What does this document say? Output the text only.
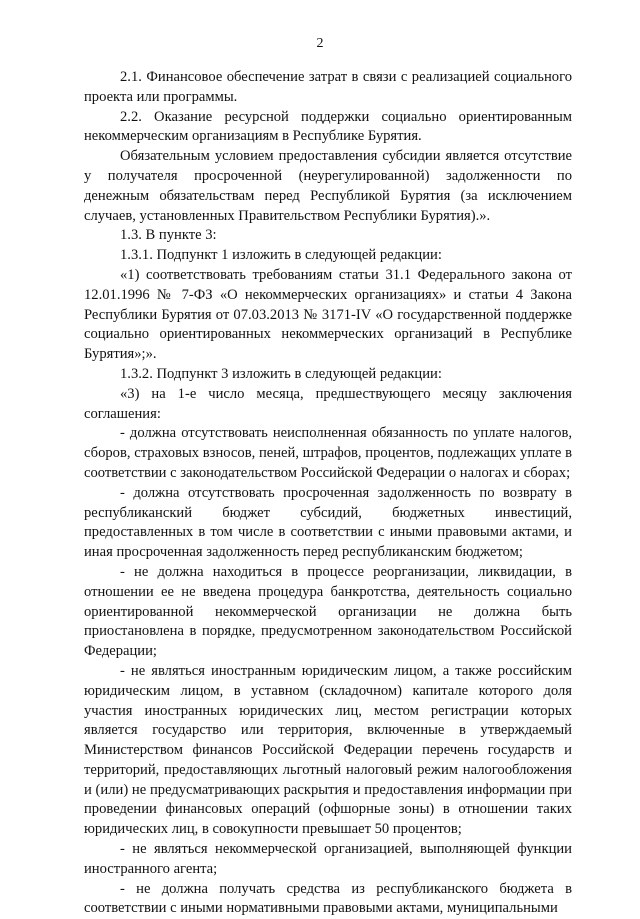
2

2.1. Финансовое обеспечение затрат в связи с реализацией социального проекта или программы.

2.2. Оказание ресурсной поддержки социально ориентированным некоммерческим организациям в Республике Бурятия.

Обязательным условием предоставления субсидии является отсутствие у получателя просроченной (неурегулированной) задолженности по денежным обязательствам перед Республикой Бурятия (за исключением случаев, установленных Правительством Республики Бурятия).».

1.3. В пункте 3:

1.3.1. Подпункт 1 изложить в следующей редакции:

«1) соответствовать требованиям статьи 31.1 Федерального закона от 12.01.1996 № 7-ФЗ «О некоммерческих организациях» и статьи 4 Закона Республики Бурятия от 07.03.2013 № 3171-IV «О государственной поддержке социально ориентированных некоммерческих организаций в Республике Бурятия»;».

1.3.2. Подпункт 3 изложить в следующей редакции:

«3) на 1-е число месяца, предшествующего месяцу заключения соглашения:

- должна отсутствовать неисполненная обязанность по уплате налогов, сборов, страховых взносов, пеней, штрафов, процентов, подлежащих уплате в соответствии с законодательством Российской Федерации о налогах и сборах;

- должна отсутствовать просроченная задолженность по возврату в республиканский бюджет субсидий, бюджетных инвестиций, предоставленных в том числе в соответствии с иными правовыми актами, и иная просроченная задолженность перед республиканским бюджетом;

- не должна находиться в процессе реорганизации, ликвидации, в отношении ее не введена процедура банкротства, деятельность социально ориентированной некоммерческой организации не должна быть приостановлена в порядке, предусмотренном законодательством Российской Федерации;

- не являться иностранным юридическим лицом, а также российским юридическим лицом, в уставном (складочном) капитале которого доля участия иностранных юридических лиц, местом регистрации которых является государство или территория, включенные в утверждаемый Министерством финансов Российской Федерации перечень государств и территорий, предоставляющих льготный налоговый режим налогообложения и (или) не предусматривающих раскрытия и предоставления информации при проведении финансовых операций (офшорные зоны) в отношении таких юридических лиц, в совокупности превышает 50 процентов;

- не являться некоммерческой организацией, выполняющей функции иностранного агента;

- не должна получать средства из республиканского бюджета в соответствии с иными нормативными правовыми актами, муниципальными
